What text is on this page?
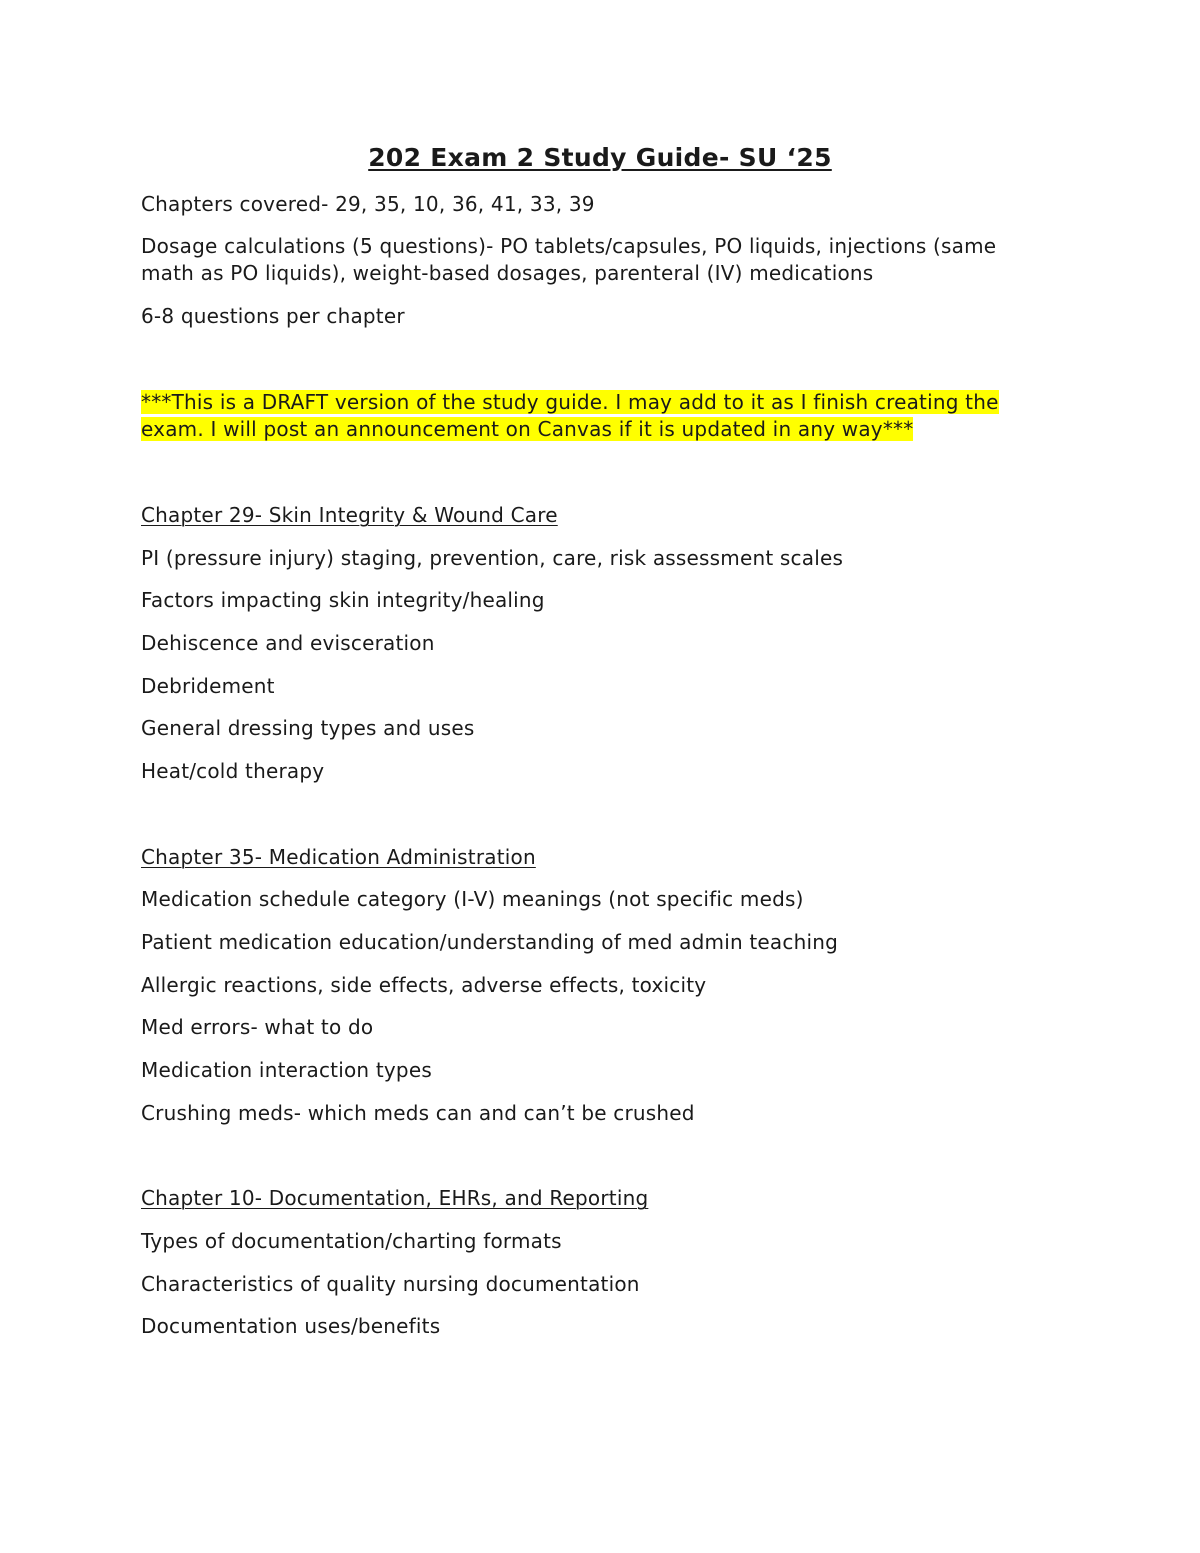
202 Exam 2 Study Guide- SU ‘25
Chapters covered- 29, 35, 10, 36, 41, 33, 39
Dosage calculations (5 questions)- PO tablets/capsules, PO liquids, injections (same
math as PO liquids), weight-based dosages, parenteral (IV) medications
6-8 questions per chapter
***This is a DRAFT version of the study guide. I may add to it as I finish creating the
exam. I will post an announcement on Canvas if it is updated in any way***
Chapter 29- Skin Integrity & Wound Care
PI (pressure injury) staging, prevention, care, risk assessment scales
Factors impacting skin integrity/healing
Dehiscence and evisceration
Debridement
General dressing types and uses
Heat/cold therapy
Chapter 35- Medication Administration
Medication schedule category (I-V) meanings (not specific meds)
Patient medication education/understanding of med admin teaching
Allergic reactions, side effects, adverse effects, toxicity
Med errors- what to do
Medication interaction types
Crushing meds- which meds can and can’t be crushed
Chapter 10- Documentation, EHRs, and Reporting
Types of documentation/charting formats
Characteristics of quality nursing documentation
Documentation uses/benefits
